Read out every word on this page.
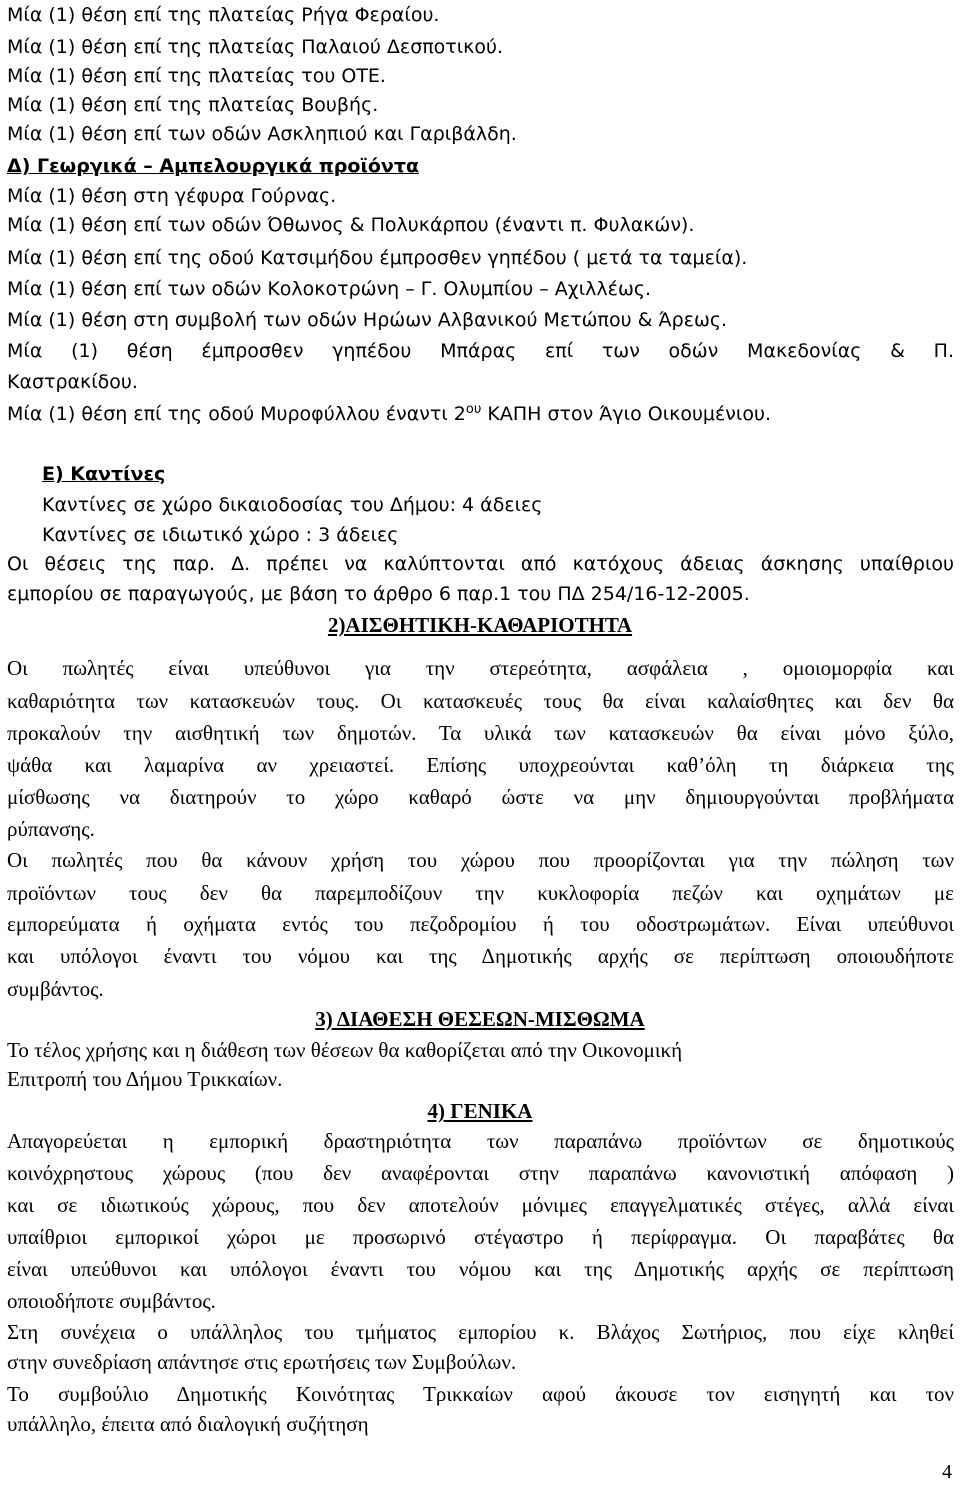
Μία (1) θέση επί της πλατείας Ρήγα Φεραίου.
Μία (1) θέση επί της πλατείας Παλαιού Δεσποτικού.
Μία (1) θέση επί της πλατείας του ΟΤΕ.
Μία (1) θέση επί της πλατείας Βουβής.
Μία (1) θέση επί των οδών Ασκληπιού και Γαριβάλδη.
Δ) Γεωργικά – Αμπελουργικά προϊόντα
Μία (1) θέση στη γέφυρα Γούρνας.
Μία (1) θέση επί των οδών Όθωνος & Πολυκάρπου (έναντι π. Φυλακών).
Μία (1) θέση επί της οδού Κατσιμήδου έμπροσθεν γηπέδου ( μετά τα ταμεία).
Μία (1) θέση επί των οδών Κολοκοτρώνη – Γ. Ολυμπίου – Αχιλλέως.
Μία (1) θέση στη συμβολή των οδών Ηρώων Αλβανικού Μετώπου & Άρεως.
Μία (1) θέση έμπροσθεν γηπέδου Μπάρας επί των οδών Μακεδονίας & Π.
Καστρακίδου.
Μία (1) θέση επί της οδού Μυροφύλλου έναντι $2^{o\upsilon}$ ΚΑΠΗ στον Άγιο Οικουμένιου.
Ε) Καντίνες
Καντίνες σε χώρο δικαιοδοσίας του Δήμου: 4 άδειες
Καντίνες σε ιδιωτικό χώρο : 3 άδειες
Οι θέσεις της παρ. Δ. πρέπει να καλύπτονται από κατόχους άδειας άσκησης υπαίθριου
εμπορίου σε παραγωγούς, με βάση το άρθρο 6 παρ.1 του ΠΔ 254/16-12-2005.
2)ΑΙΣΘΗΤΙΚΗ-ΚΑΘΑΡΙΟΤΗΤΑ
Οι πωλητές είναι υπεύθυνοι για την στερεότητα, ασφάλεια , ομοιομορφία και
καθαριότητα των κατασκευών τους. Οι κατασκευές τους θα είναι καλαίσθητες και δεν θα
προκαλούν την αισθητική των δημοτών. Τα υλικά των κατασκευών θα είναι μόνο ξύλο,
ψάθα και λαμαρίνα αν χρειαστεί. Επίσης υποχρεούνται καθ’όλη τη διάρκεια της
μίσθωσης να διατηρούν το χώρο καθαρό ώστε να μην δημιουργούνται προβλήματα
ρύπανσης.
Οι πωλητές που θα κάνουν χρήση του χώρου που προορίζονται για την πώληση των
προϊόντων τους δεν θα παρεμποδίζουν την κυκλοφορία πεζών και οχημάτων με
εμπορεύματα ή οχήματα εντός του πεζοδρομίου ή του οδοστρωμάτων. Είναι υπεύθυνοι
και υπόλογοι έναντι του νόμου και της Δημοτικής αρχής σε περίπτωση οποιουδήποτε
συμβάντος.
3) ΔΙΑΘΕΣΗ ΘΕΣΕΩΝ-ΜΙΣΘΩΜΑ
Το τέλος χρήσης και η διάθεση των θέσεων θα καθορίζεται από την Οικονομική
Επιτροπή του Δήμου Τρικκαίων.
4) ΓΕΝΙΚΑ
Απαγορεύεται η εμπορική δραστηριότητα των παραπάνω προϊόντων σε δημοτικούς
κοινόχρηστους χώρους (που δεν αναφέρονται στην παραπάνω κανονιστική απόφαση )
και σε ιδιωτικούς χώρους, που δεν αποτελούν μόνιμες επαγγελματικές στέγες, αλλά είναι
υπαίθριοι εμπορικοί χώροι με προσωρινό στέγαστρο ή περίφραγμα. Οι παραβάτες θα
είναι υπεύθυνοι και υπόλογοι έναντι του νόμου και της Δημοτικής αρχής σε περίπτωση
οποιοδήποτε συμβάντος.
Στη συνέχεια ο υπάλληλος του τμήματος εμπορίου κ. Βλάχος Σωτήριος, που είχε κληθεί
στην συνεδρίαση απάντησε στις ερωτήσεις των Συμβούλων.
Το συμβούλιο Δημοτικής Κοινότητας Τρικκαίων αφού άκουσε τον εισηγητή και τον
υπάλληλο, έπειτα από διαλογική συζήτηση
4
